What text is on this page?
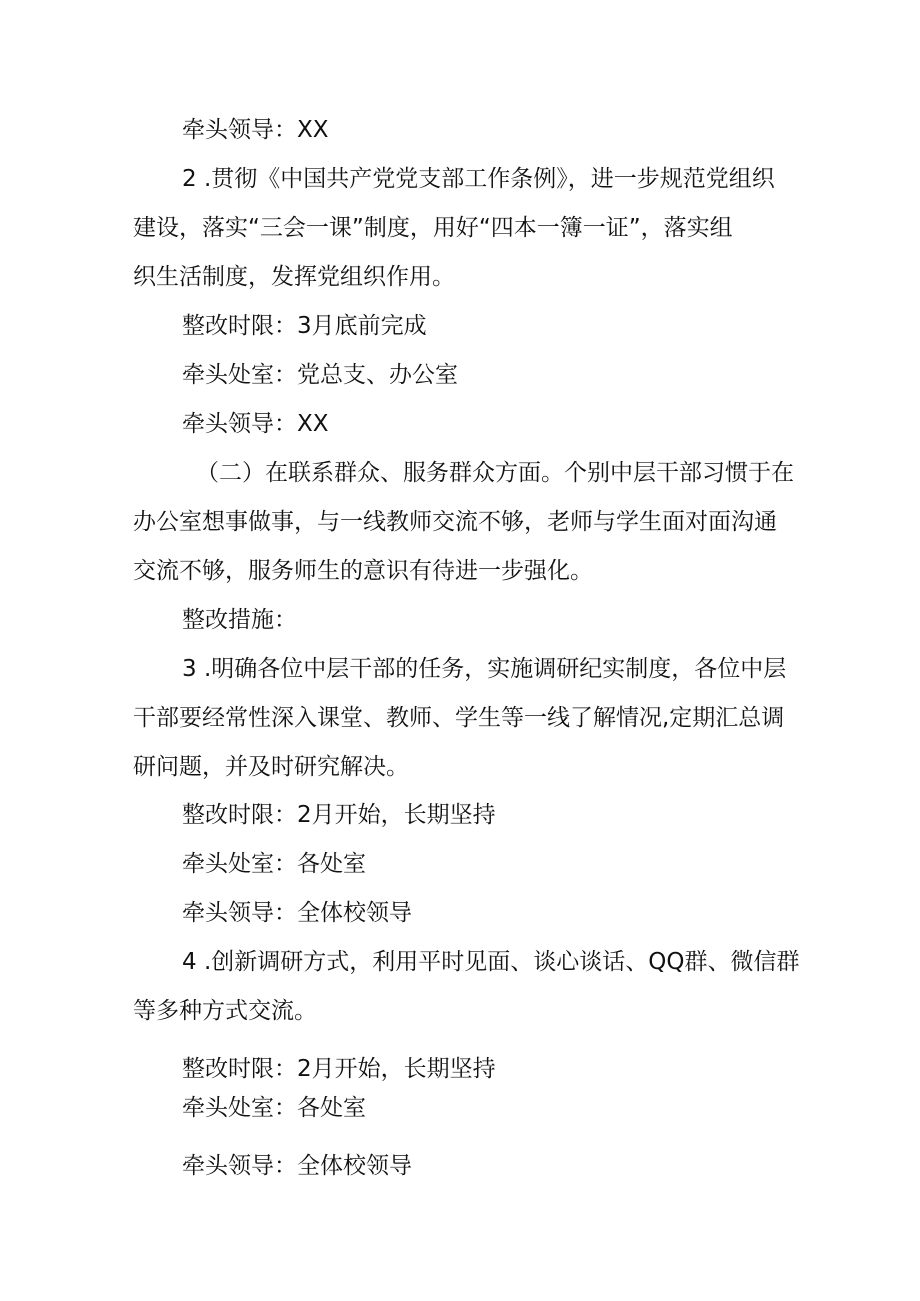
牵头领导：XX
2 .贯彻《中国共产党党支部工作条例》，进一步规范党组织
建设，落实“三会一课”制度，用好“四本一簿一证”，落实组
织生活制度，发挥党组织作用。
整改时限：3月底前完成
牵头处室：党总支、办公室
牵头领导：XX
（二）在联系群众、服务群众方面。个别中层干部习惯于在
办公室想事做事，与一线教师交流不够，老师与学生面对面沟通
交流不够，服务师生的意识有待进一步强化。
整改措施：
3 .明确各位中层干部的任务，实施调研纪实制度，各位中层
干部要经常性深入课堂、教师、学生等一线了解情况,定期汇总调
研问题，并及时研究解决。
整改时限：2月开始，长期坚持
牵头处室：各处室
牵头领导：全体校领导
4 .创新调研方式，利用平时见面、谈心谈话、QQ群、微信群
等多种方式交流。
整改时限：2月开始，长期坚持
牵头处室：各处室
牵头领导：全体校领导
